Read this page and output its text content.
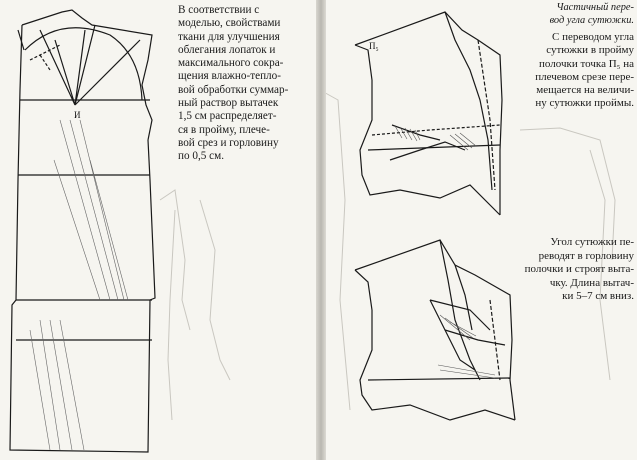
В соответствии с
моделью, свойствами
ткани для улучшения
облегания лопаток и
максимального сокра-
щения влажно-тепло-
вой обработки суммар-
ный раствор вытачек
1,5 см распределяет-
ся в пройму, плече-
вой срез и горловину
по 0,5 см.

И

Частичный пере-
вод угла сутюжки.

С переводом угла
сутюжки в пройму
полочки точка П₅ на
плечевом срезе пере-
мещается на величи-
ну сутюжки проймы.

П₅

Угол сутюжки пе-
реводят в горловину
полочки и строят выта-
чку. Длина вытач-
ки 5–7 см вниз.
